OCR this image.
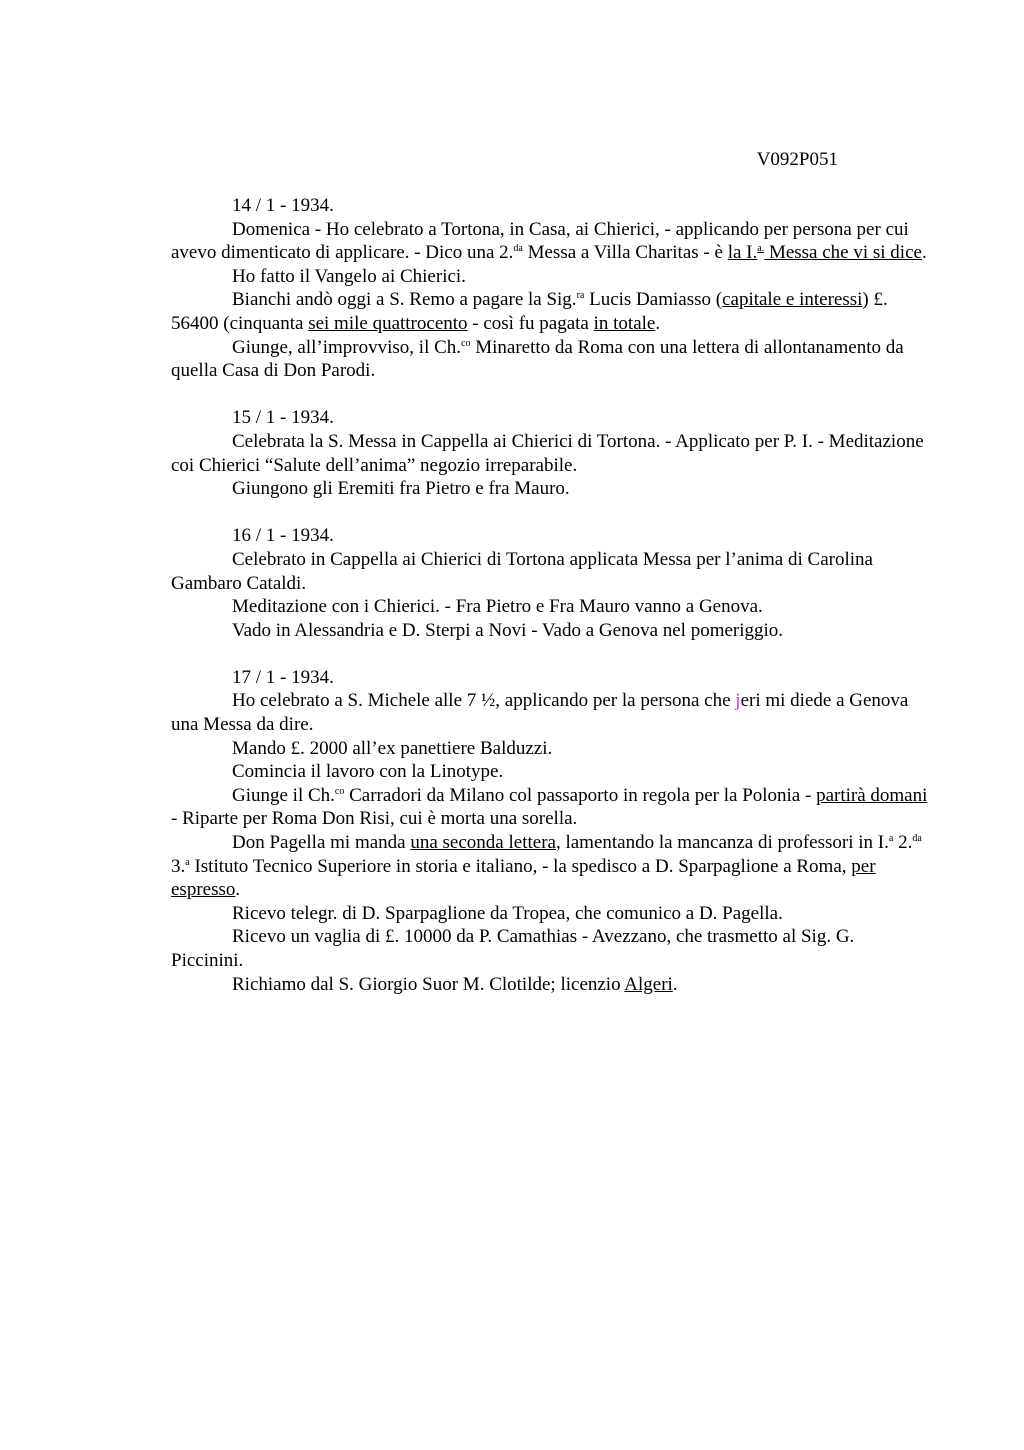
V092P051
14 / 1 - 1934.
Domenica - Ho celebrato a Tortona, in Casa, ai Chierici, - applicando per persona per cui avevo dimenticato di applicare. - Dico una 2.$^{da}$ Messa a Villa Charitas - è la I.$^{a.}$ Messa che vi si dice.
Ho fatto il Vangelo ai Chierici.
Bianchi andò oggi a S. Remo a pagare la Sig.$^{ra}$ Lucis Damiasso (capitale e interessi) £. 56400 (cinquanta sei mile quattrocento - così fu pagata in totale.
Giunge, all’improvviso, il Ch.$^{co}$ Minaretto da Roma con una lettera di allontanamento da quella Casa di Don Parodi.
15 / 1 - 1934.
Celebrata la S. Messa in Cappella ai Chierici di Tortona. - Applicato per P. I. - Meditazione coi Chierici “Salute dell’anima” negozio irreparabile.
Giungono gli Eremiti fra Pietro e fra Mauro.
16 / 1 - 1934.
Celebrato in Cappella ai Chierici di Tortona applicata Messa per l’anima di Carolina Gambaro Cataldi.
Meditazione con i Chierici. - Fra Pietro e Fra Mauro vanno a Genova.
Vado in Alessandria e D. Sterpi a Novi - Vado a Genova nel pomeriggio.
17 / 1 - 1934.
Ho celebrato a S. Michele alle 7 ½, applicando per la persona che jeri mi diede a Genova una Messa da dire.
Mando £. 2000 all’ex panettiere Balduzzi.
Comincia il lavoro con la Linotype.
Giunge il Ch.$^{co}$ Carradori da Milano col passaporto in regola per la Polonia - partirà domani - Riparte per Roma Don Risi, cui è morta una sorella.
Don Pagella mi manda una seconda lettera, lamentando la mancanza di professori in I.$^a$ 2.$^{da}$ 3.$^a$ Istituto Tecnico Superiore in storia e italiano, - la spedisco a D. Sparpaglione a Roma, per espresso.
Ricevo telegr. di D. Sparpaglione da Tropea, che comunico a D. Pagella.
Ricevo un vaglia di £. 10000 da P. Camathias - Avezzano, che trasmetto al Sig. G. Piccinini.
Richiamo dal S. Giorgio Suor M. Clotilde; licenzio Algeri.
